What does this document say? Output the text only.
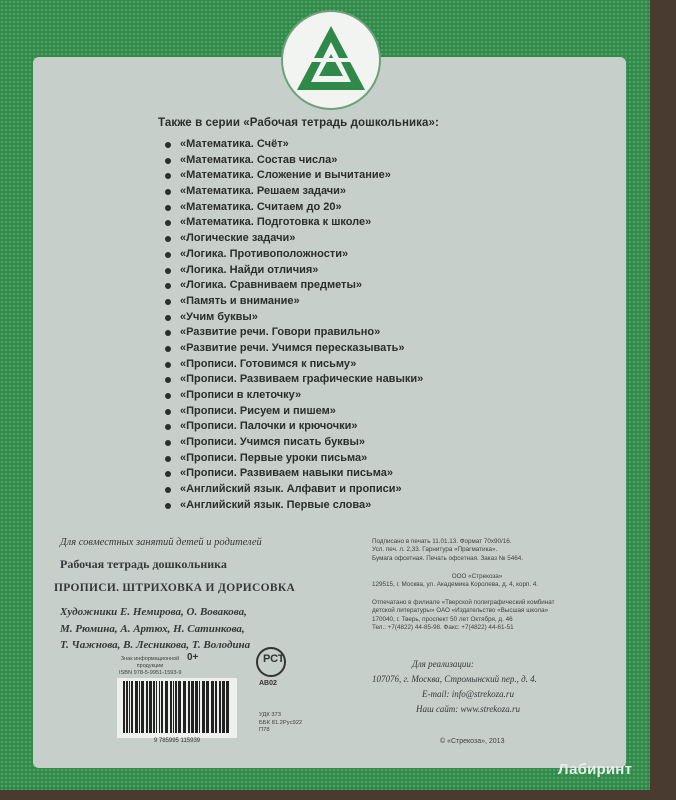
Также в серии «Рабочая тетрадь дошкольника»:
«Математика. Счёт»
«Математика. Состав числа»
«Математика. Сложение и вычитание»
«Математика. Решаем задачи»
«Математика. Считаем до 20»
«Математика. Подготовка к школе»
«Логические задачи»
«Логика. Противоположности»
«Логика. Найди отличия»
«Логика. Сравниваем предметы»
«Память и внимание»
«Учим буквы»
«Развитие речи. Говори правильно»
«Развитие речи. Учимся пересказывать»
«Прописи. Готовимся к письму»
«Прописи. Развиваем графические навыки»
«Прописи в клеточку»
«Прописи. Рисуем и пишем»
«Прописи. Палочки и крючочки»
«Прописи. Учимся писать буквы»
«Прописи. Первые уроки письма»
«Прописи. Развиваем навыки письма»
«Английский язык. Алфавит и прописи»
«Английский язык. Первые слова»
Для совместных занятий детей и родителей
Рабочая тетрадь дошкольника
ПРОПИСИ. ШТРИХОВКА И ДОРИСОВКА
Художники Е. Немирова, О. Вовакова,
М. Рюмина, А. Артюх, Н. Сатинкова,
Т. Чажнова, В. Лесникова, Т. Володина
Подписано в печать 11.01.13. Формат 70х90/16.
Усл. печ. л. 2,33. Гарнитура «Прагматика».
Бумага офсетная. Печать офсетная. Заказ № 5464.
ООО «Стрекоза»
129515, г. Москва, ул. Академика Королева, д. 4, корп. 4.
Отпечатано в филиале «Тверской полиграфический комбинат
детской литературы» ОАО «Издательство «Высшая школа»
170040, г. Тверь, проспект 50 лет Октября, д. 46
Тел.: +7(4822) 44-85-98. Факс: +7(4822) 44-61-51
Знак информационной продукции
0+
ISBN 978-5-9951-1593-9
9 785995 115939
РСТ
АВ02
УДК 373
ББК 81.2Рус922
П78
Для реализации:
107076, г. Москва, Стромынский пер., д. 4.
E-mail: info@strekoza.ru
Наш сайт: www.strekoza.ru
© «Стрекоза», 2013
Лабиринт
